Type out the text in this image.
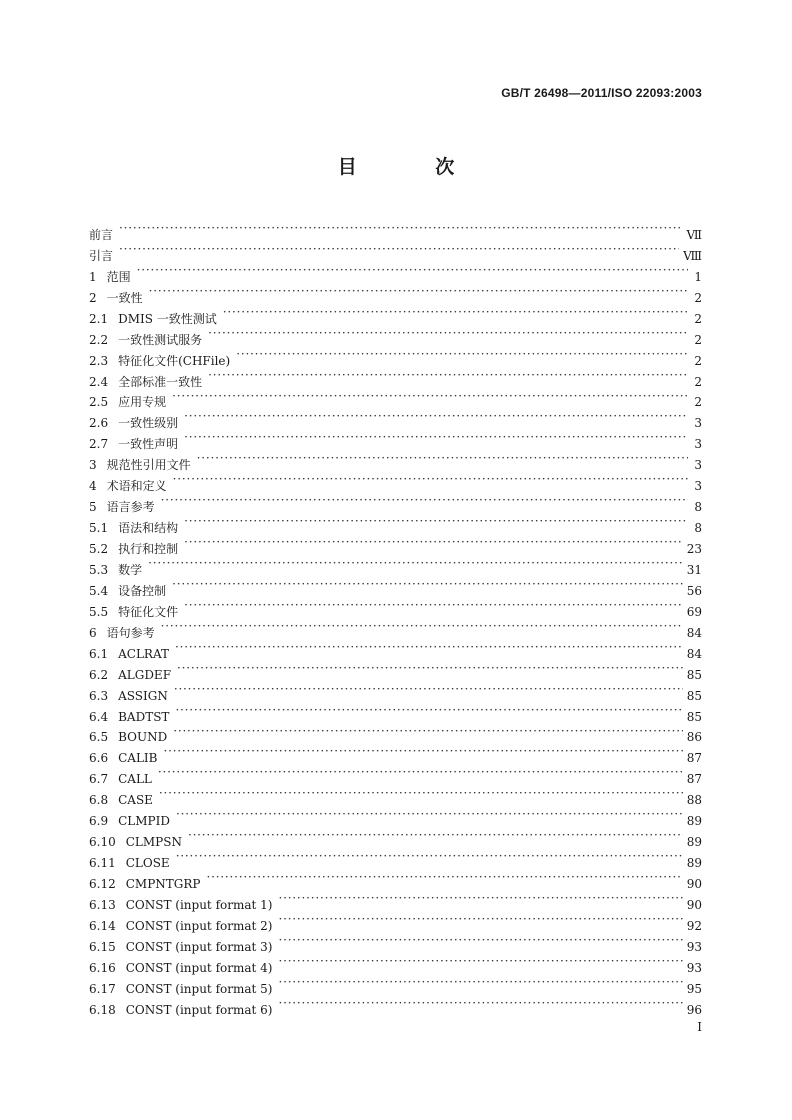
GB/T 26498—2011/ISO 22093:2003
目 次
前言 ·····	Ⅶ
引言 ·····	Ⅷ
1 范围 ·····	1
2 一致性 ·····	2
2.1 DMIS 一致性测试 ·····	2
2.2 一致性测试服务 ·····	2
2.3 特征化文件(CHFile) ·····	2
2.4 全部标准一致性 ·····	2
2.5 应用专规 ·····	2
2.6 一致性级别 ·····	3
2.7 一致性声明 ·····	3
3 规范性引用文件 ·····	3
4 术语和定义 ·····	3
5 语言参考 ·····	8
5.1 语法和结构 ·····	8
5.2 执行和控制 ·····	23
5.3 数学 ·····	31
5.4 设备控制 ·····	56
5.5 特征化文件 ·····	69
6 语句参考 ·····	84
6.1 ACLRAT ·····	84
6.2 ALGDEF ·····	85
6.3 ASSIGN ·····	85
6.4 BADTST ·····	85
6.5 BOUND ·····	86
6.6 CALIB ·····	87
6.7 CALL ·····	87
6.8 CASE ·····	88
6.9 CLMPID ·····	89
6.10 CLMPSN ·····	89
6.11 CLOSE ·····	89
6.12 CMPNTGRP ·····	90
6.13 CONST (input format 1) ·····	90
6.14 CONST (input format 2) ·····	92
6.15 CONST (input format 3) ·····	93
6.16 CONST (input format 4) ·····	93
6.17 CONST (input format 5) ·····	95
6.18 CONST (input format 6) ·····	96
I
